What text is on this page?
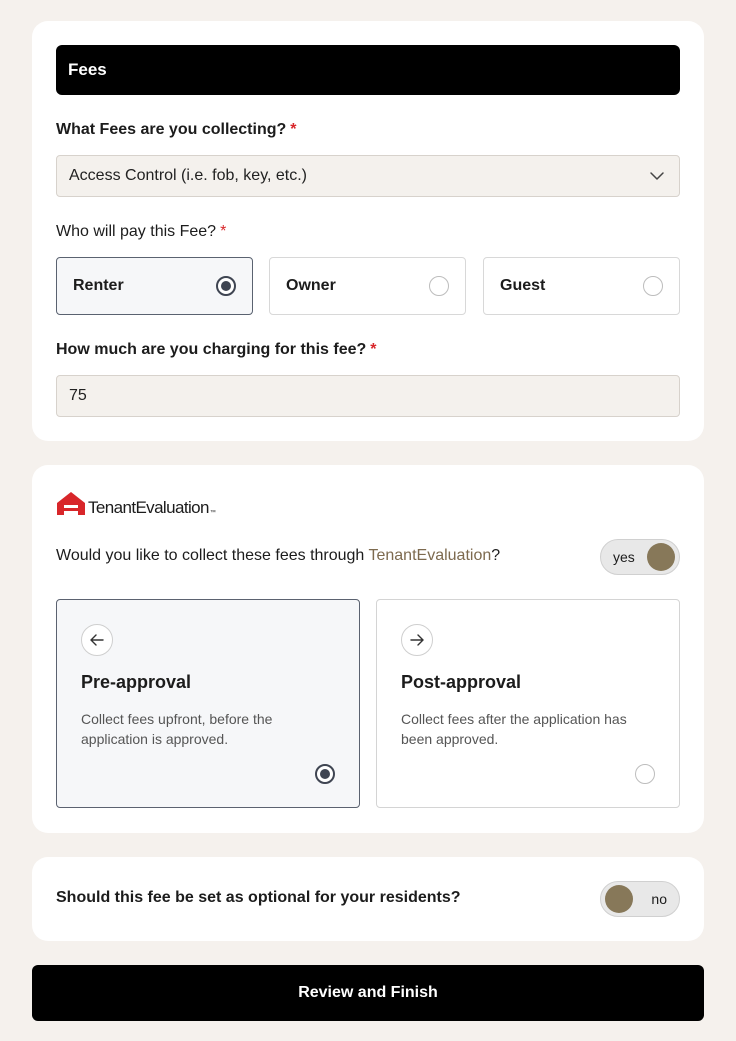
Fees
What Fees are you collecting? *
Access Control (i.e. fob, key, etc.)
Who will pay this Fee? *
Renter	Owner	Guest
How much are you charging for this fee? *
75
TenantEvaluation ™
Would you like to collect these fees through TenantEvaluation?	yes
Pre-approval
Collect fees upfront, before the application is approved.
Post-approval
Collect fees after the application has been approved.
Should this fee be set as optional for your residents?	no
Review and Finish
